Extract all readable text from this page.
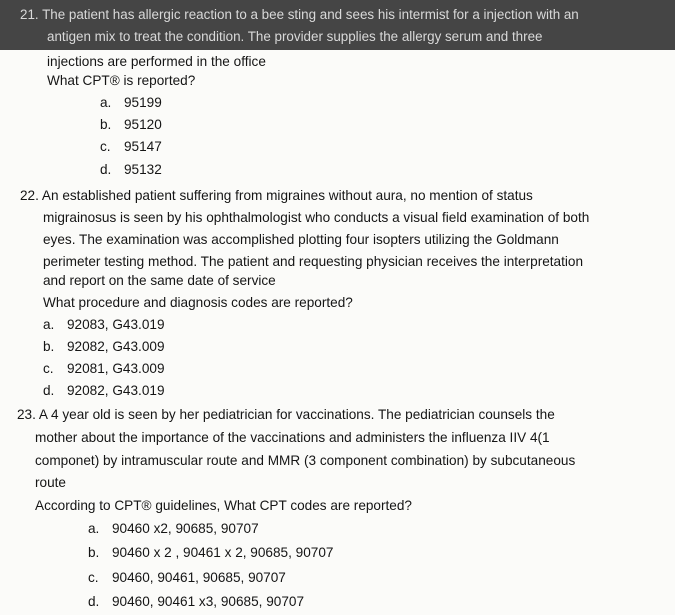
21. The patient has allergic reaction to a bee sting and sees his intermist for a injection with an
antigen mix to treat the condition. The provider supplies the allergy serum and three
injections are performed in the office
What CPT® is reported?
a. 95199
b. 95120
c. 95147
d. 95132
22. An established patient suffering from migraines without aura, no mention of status
migrainosus is seen by his ophthalmologist who conducts a visual field examination of both
eyes. The examination was accomplished plotting four isopters utilizing the Goldmann
perimeter testing method. The patient and requesting physician receives the interpretation
and report on the same date of service
What procedure and diagnosis codes are reported?
a. 92083, G43.019
b. 92082, G43.009
c. 92081, G43.009
d. 92082, G43.019
23. A 4 year old is seen by her pediatrician for vaccinations. The pediatrician counsels the
mother about the importance of the vaccinations and administers the influenza IIV 4(1
componet) by intramuscular route and MMR (3 component combination) by subcutaneous
route
According to CPT® guidelines, What CPT codes are reported?
a. 90460 x2, 90685, 90707
b. 90460 x 2 , 90461 x 2, 90685, 90707
c. 90460, 90461, 90685, 90707
d. 90460, 90461 x3, 90685, 90707
